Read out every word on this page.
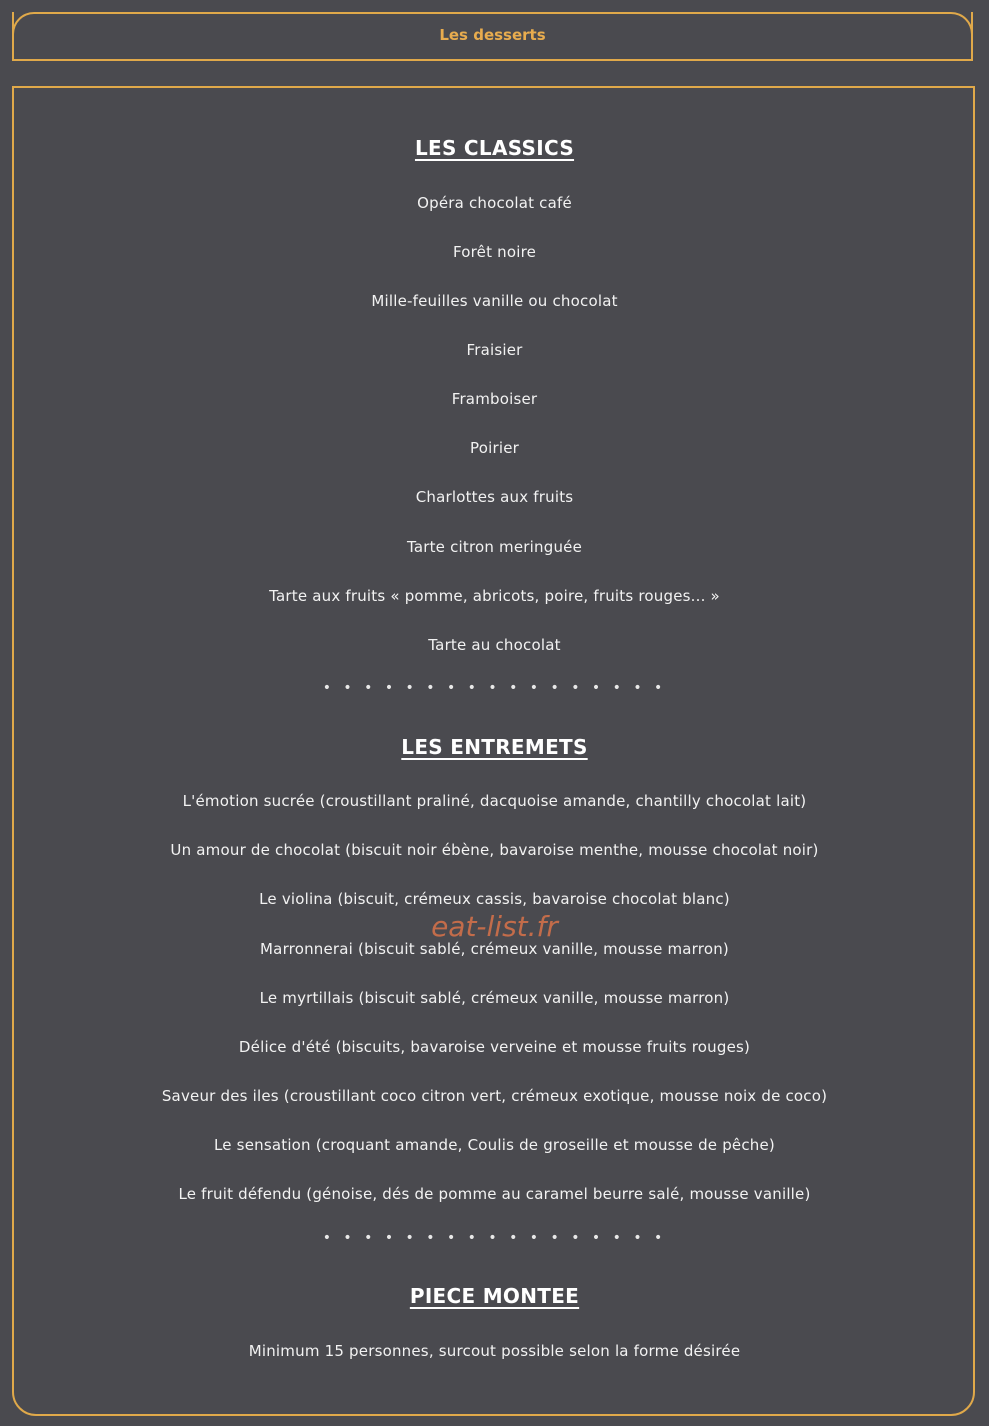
Les desserts
LES CLASSICS
Opéra chocolat café
Forêt noire
Mille-feuilles vanille ou chocolat
Fraisier
Framboiser
Poirier
Charlottes aux fruits
Tarte citron meringuée
Tarte aux fruits « pomme, abricots, poire, fruits rouges... »
Tarte au chocolat
• • • • • • • • • • • • • • • • •
LES ENTREMETS
L'émotion sucrée (croustillant praliné, dacquoise amande, chantilly chocolat lait)
Un amour de chocolat (biscuit noir ébène, bavaroise menthe, mousse chocolat noir)
Le violina (biscuit, crémeux cassis, bavaroise chocolat blanc)
Marronnerai (biscuit sablé, crémeux vanille, mousse marron)
Le myrtillais (biscuit sablé, crémeux vanille, mousse marron)
Délice d'été (biscuits, bavaroise verveine et mousse fruits rouges)
Saveur des iles (croustillant coco citron vert, crémeux exotique, mousse noix de coco)
Le sensation (croquant amande, Coulis de groseille et mousse de pêche)
Le fruit défendu (génoise, dés de pomme au caramel beurre salé, mousse vanille)
• • • • • • • • • • • • • • • • •
PIECE MONTEE
Minimum 15 personnes, surcout possible selon la forme désirée
eat-list.fr
